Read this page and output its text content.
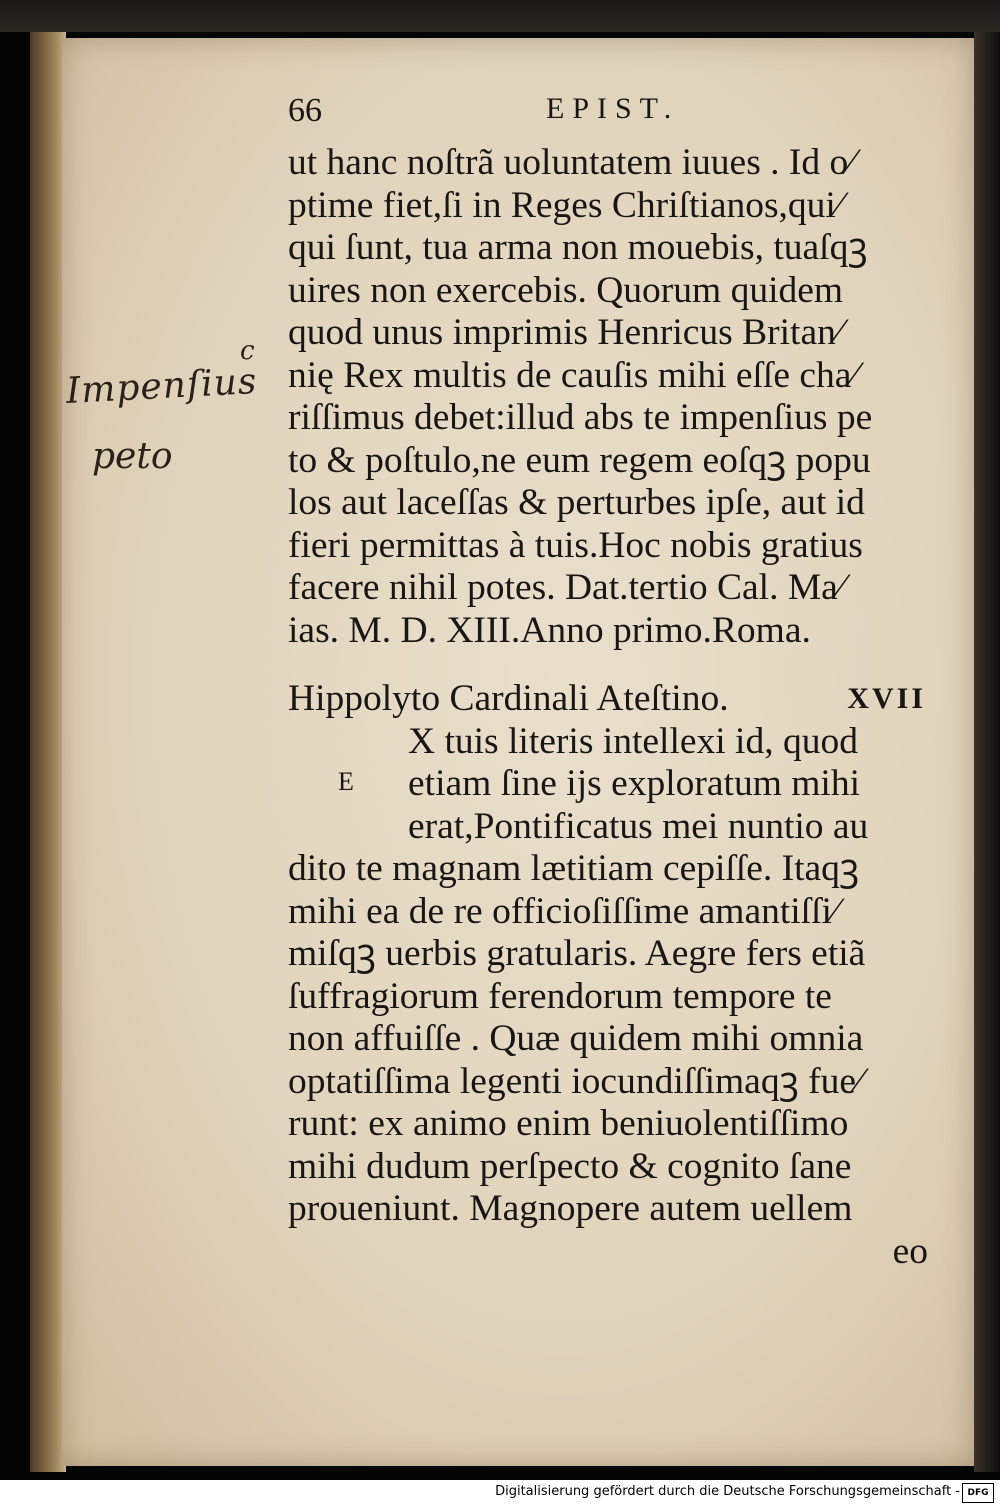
Impenſius
peto
c
66	EPIST.
ut hanc noſtrã uoluntatem iuues . Id o⁄
ptime fiet,ſi in Reges Chriſtianos,qui⁄
qui ſunt, tua arma non mouebis, tuaſqꝫ
uires non exercebis. Quorum quidem
quod unus imprimis Henricus Britan⁄
nię Rex multis de cauſis mihi eſſe cha⁄
riſſimus debet:illud abs te impenſius pe
to & poſtulo,ne eum regem eoſqꝫ popu
los aut laceſſas & perturbes ipſe, aut id
fieri permittas à tuis.Hoc nobis gratius
facere nihil potes. Dat.tertio Cal. Ma⁄
ias. M. D. XIII.Anno primo.Roma.
Hippolyto Cardinali Ateſtino.	XVII
X tuis literis intellexi id, quod
E etiam ſine ijs exploratum mihi
erat,Pontificatus mei nuntio au
dito te magnam lætitiam cepiſſe. Itaqꝫ
mihi ea de re officioſiſſime amantiſſi⁄
miſqꝫ uerbis gratularis. Aegre fers etiã
ſuffragiorum ferendorum tempore te
non affuiſſe . Quæ quidem mihi omnia
optatiſſima legenti iocundiſſimaqꝫ fue⁄
runt: ex animo enim beniuolentiſſimo
mihi dudum perſpecto & cognito ſane
proueniunt. Magnopere autem uellem
eo
Digitalisierung gefördert durch die Deutsche Forschungsgemeinschaft - DFG
